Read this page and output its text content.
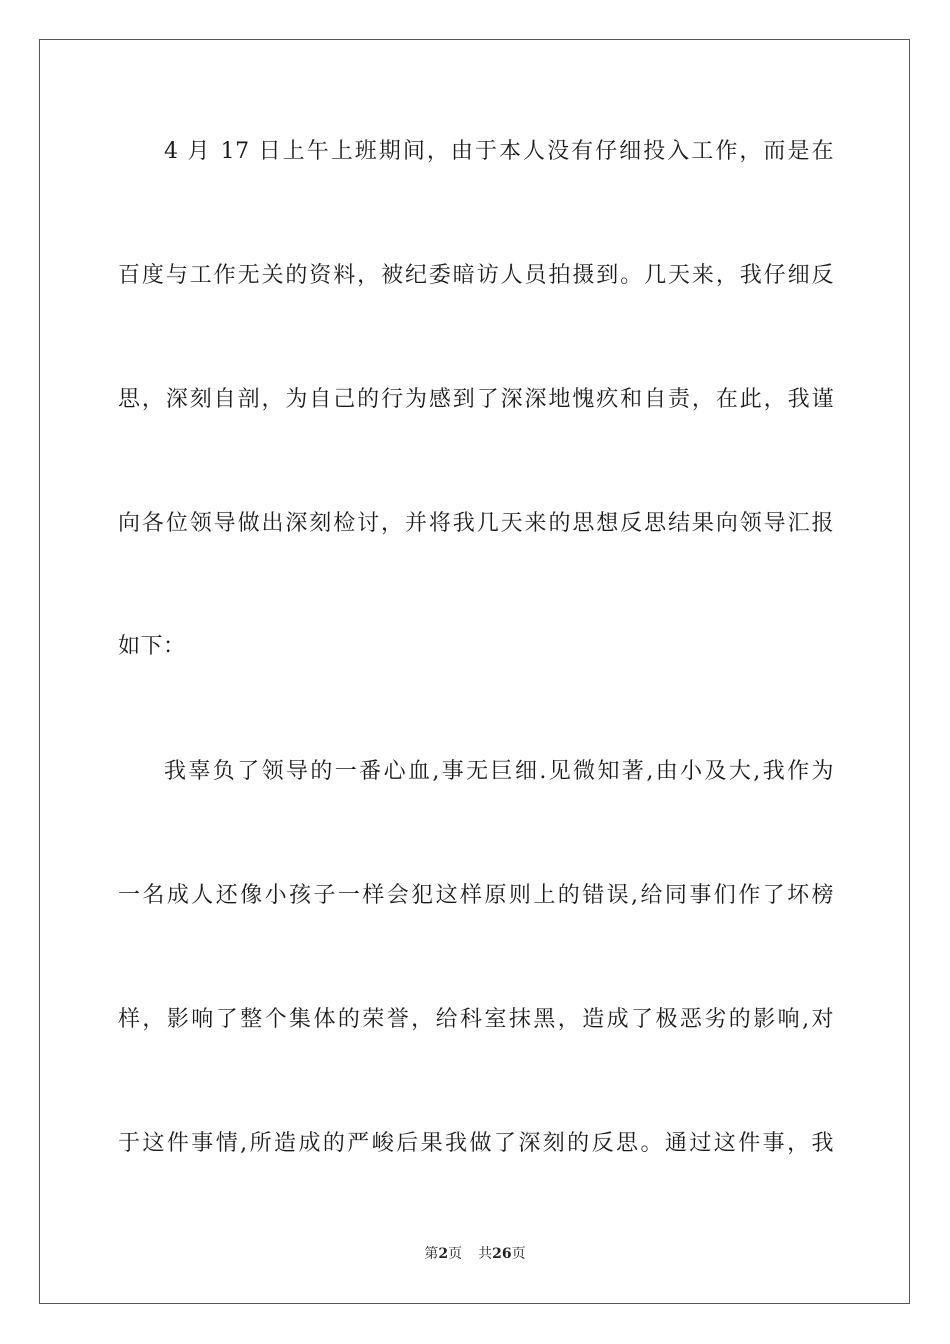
4 月 17 日上午上班期间，由于本人没有仔细投入工作，而是在
百度与工作无关的资料，被纪委暗访人员拍摄到。几天来，我仔细反
思，深刻自剖，为自己的行为感到了深深地愧疚和自责，在此，我谨
向各位领导做出深刻检讨，并将我几天来的思想反思结果向领导汇报
如下：
我辜负了领导的一番心血,事无巨细.见微知著,由小及大,我作为
一名成人还像小孩子一样会犯这样原则上的错误,给同事们作了坏榜
样，影响了整个集体的荣誉，给科室抹黑，造成了极恶劣的影响,对
于这件事情,所造成的严峻后果我做了深刻的反思。通过这件事，我
第2页 共26页
